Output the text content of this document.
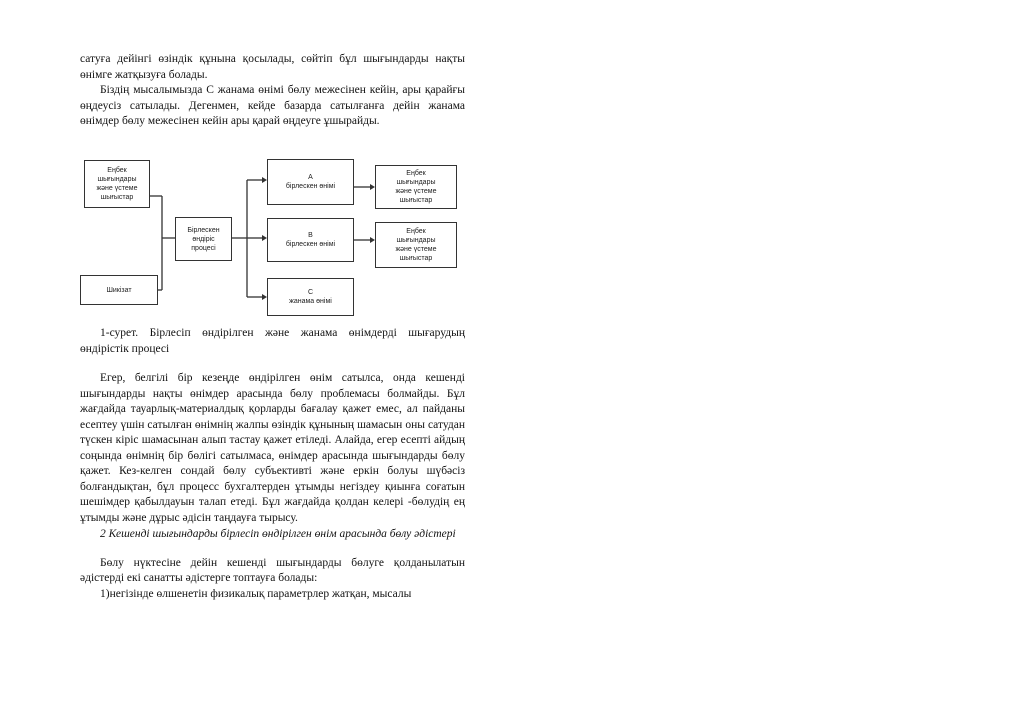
сатуға дейінгі өзіндік құнына қосылады, сөйтіп бұл шығындарды нақты өнімге жатқызуға болады.

Біздің мысалымызда С жанама өнімі бөлу межесінен кейін, ары қарайғы өңдеусіз сатылады. Дегенмен, кейде базарда сатылғанға дейін жанама өнімдер бөлу межесінен кейін ары қарай өңдеуге ұшырайды.

Еңбек
шығындары
және үстеме
шығыстар
Шикізат
Бірлескен
өндіріс
процесі
А
бірлескен өнімі
В
бірлескен өнімі
С
жанама өнімі
Еңбек
шығындары
және үстеме
шығыстар
Еңбек
шығындары
және үстеме
шығыстар

1-сурет. Бірлесіп өндірілген және жанама өнімдерді шығарудың өндірістік процесі

Егер, белгілі бір кезеңде өндірілген өнім сатылса, онда кешенді шығындарды нақты өнімдер арасында бөлу проблемасы болмайды. Бұл жағдайда тауарлық-материалдық қорларды бағалау қажет емес, ал пайданы есептеу үшін сатылған өнімнің жалпы өзіндік құнының шамасын оны сатудан түскен кіріс шамасынан алып тастау қажет етіледі. Алайда, егер есепті айдың соңында өнімнің бір бөлігі сатылмаса, өнімдер арасында шығындарды бөлу қажет. Кез-келген сондай бөлу субъективті және еркін болуы шүбәсіз болғандықтан, бұл процесс бухгалтерден ұтымды негіздеу қиынға соғатын шешімдер қабылдауын талап етеді. Бұл жағдайда қолдан келері -бөлудің ең ұтымды және дұрыс әдісін таңдауға тырысу.

2 Кешенді шығындарды бірлесіп өндірілген өнім арасында бөлу әдістері

Бөлу нүктесіне дейін кешенді шығындарды бөлуге қолданылатын әдістерді екі санатты әдістерге топтауға болады:

1)негізінде өлшенетін физикалық параметрлер жатқан, мысалы
